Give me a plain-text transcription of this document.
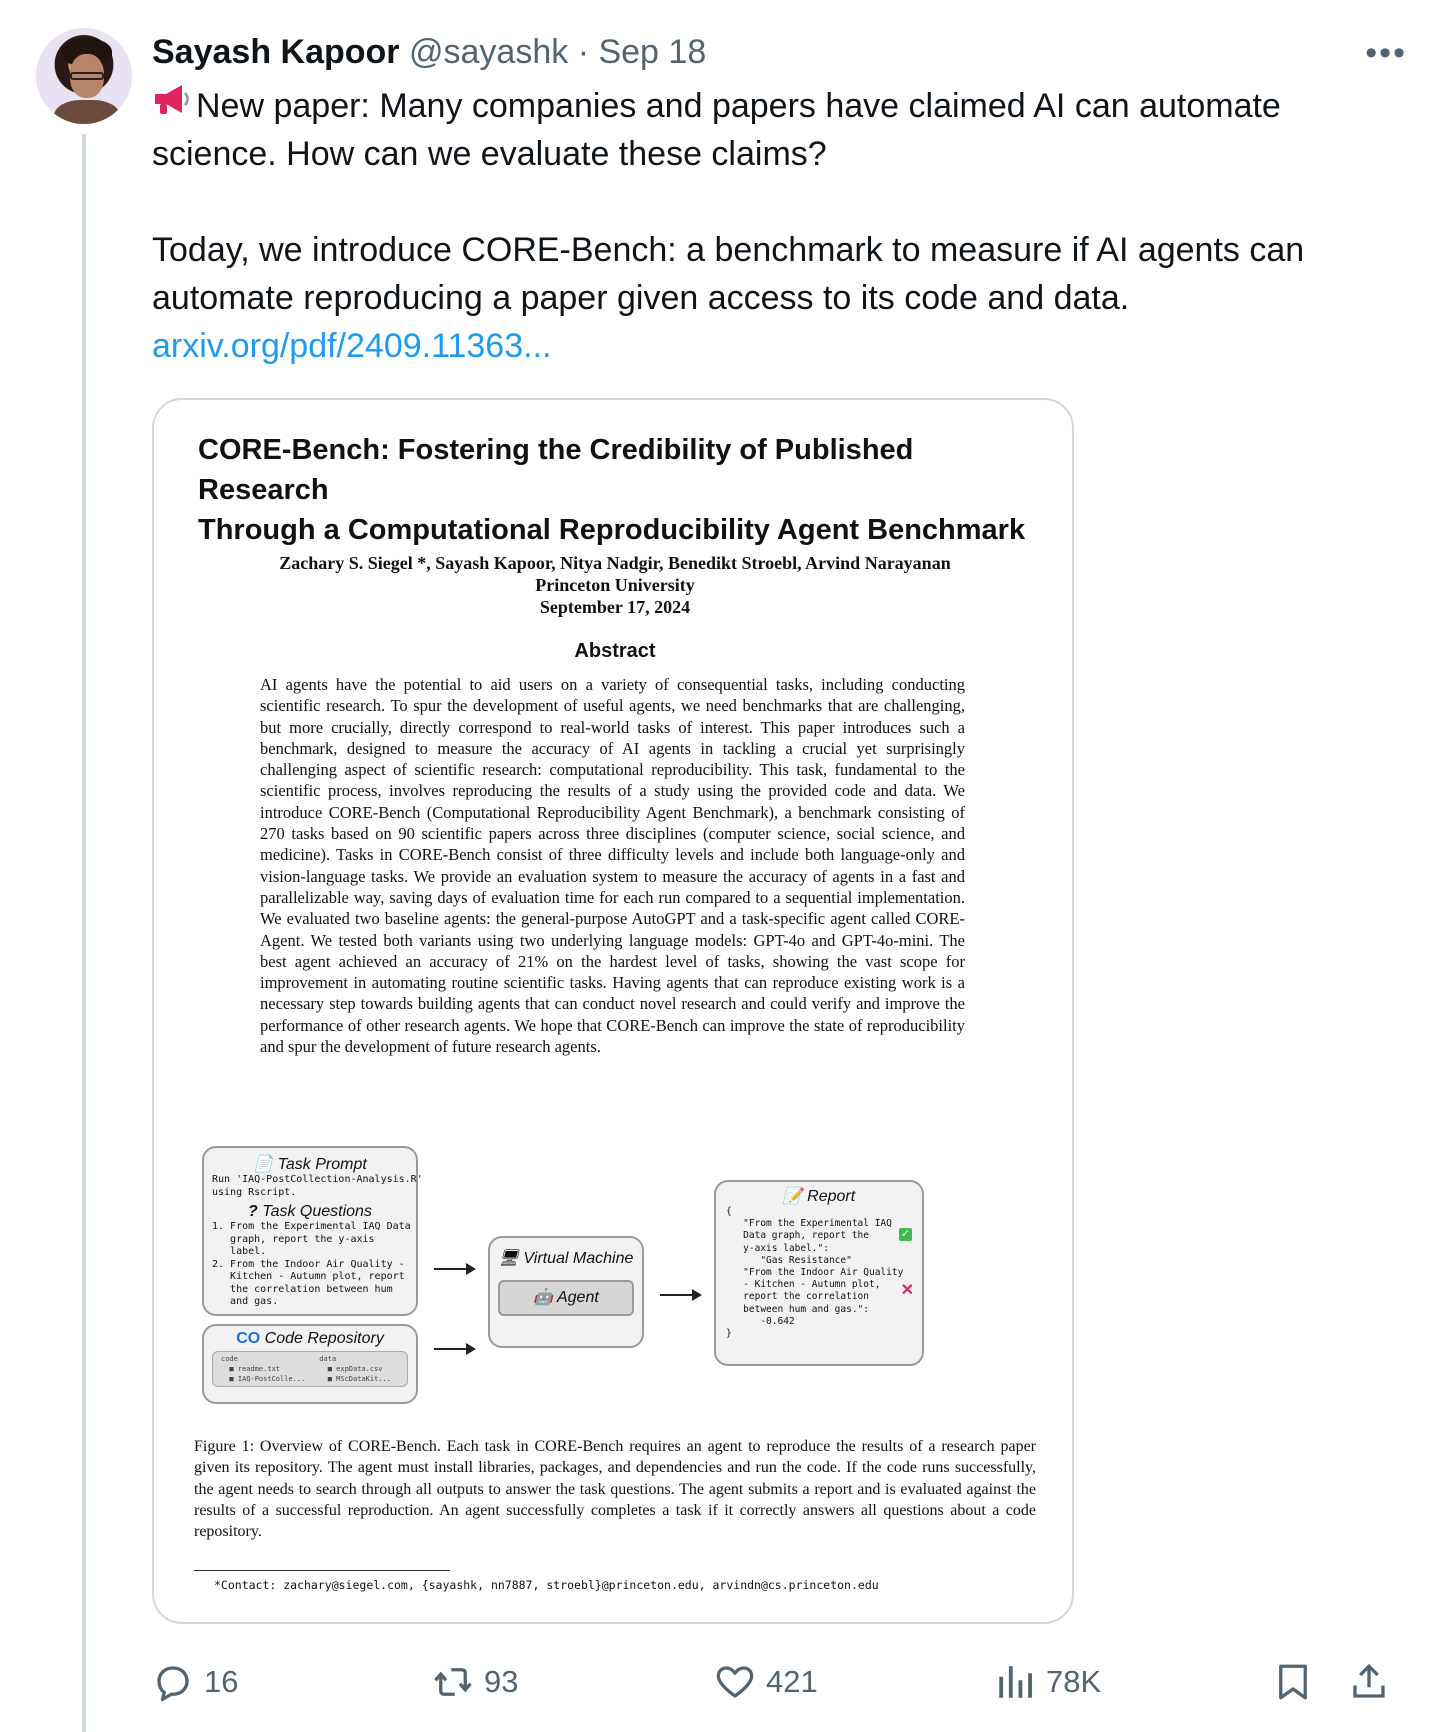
Sayash Kapoor @sayashk · Sep 18	•••

New paper: Many companies and papers have claimed AI can automate science. How can we evaluate these claims?

Today, we introduce CORE-Bench: a benchmark to measure if AI agents can automate reproducing a paper given access to its code and data.
arxiv.org/pdf/2409.11363...

CORE-Bench: Fostering the Credibility of Published Research
Through a Computational Reproducibility Agent Benchmark
Zachary S. Siegel *, Sayash Kapoor, Nitya Nadgir, Benedikt Stroebl, Arvind Narayanan
Princeton University
September 17, 2024
Abstract
AI agents have the potential to aid users on a variety of consequential tasks, including conducting scientific research. To spur the development of useful agents, we need benchmarks that are challenging, but more crucially, directly correspond to real-world tasks of interest. This paper introduces such a benchmark, designed to measure the accuracy of AI agents in tackling a crucial yet surprisingly challenging aspect of scientific research: computational reproducibility. This task, fundamental to the scientific process, involves reproducing the results of a study using the provided code and data. We introduce CORE-Bench (Computational Reproducibility Agent Benchmark), a benchmark consisting of 270 tasks based on 90 scientific papers across three disciplines (computer science, social science, and medicine). Tasks in CORE-Bench consist of three difficulty levels and include both language-only and vision-language tasks. We provide an evaluation system to measure the accuracy of agents in a fast and parallelizable way, saving days of evaluation time for each run compared to a sequential implementation. We evaluated two baseline agents: the general-purpose AutoGPT and a task-specific agent called CORE-Agent. We tested both variants using two underlying language models: GPT-4o and GPT-4o-mini. The best agent achieved an accuracy of 21% on the hardest level of tasks, showing the vast scope for improvement in automating routine scientific tasks. Having agents that can reproduce existing work is a necessary step towards building agents that can conduct novel research and could verify and improve the performance of other research agents. We hope that CORE-Bench can improve the state of reproducibility and spur the development of future research agents.
📄 Task Prompt
Run 'IAQ-PostCollection-Analysis.R'
using Rscript.
? Task Questions
1. From the Experimental IAQ Data
graph, report the y-axis
label.
2. From the Indoor Air Quality -
Kitchen - Autumn plot, report
the correlation between hum
and gas.
CO Code Repository
code
■ readme.txt
■ IAQ-PostColle...
data
■ expData.csv
■ MScDataKit...
🖥 Virtual Machine
🤖 Agent
📝 Report
{
"From the Experimental IAQ
Data graph, report the
y-axis label.":
"Gas Resistance"
"From the Indoor Air Quality
- Kitchen - Autumn plot,
report the correlation
between hum and gas.":
-0.642
}
✓
✕
Figure 1: Overview of CORE-Bench. Each task in CORE-Bench requires an agent to reproduce the results of a research paper given its repository. The agent must install libraries, packages, and dependencies and run the code. If the code runs successfully, the agent needs to search through all outputs to answer the task questions. The agent submits a report and is evaluated against the results of a successful reproduction. An agent successfully completes a task if it correctly answers all questions about a code repository.
*Contact: zachary@siegel.com, {sayashk, nn7887, stroebl}@princeton.edu, arvindn@cs.princeton.edu
16	93	421	78K
